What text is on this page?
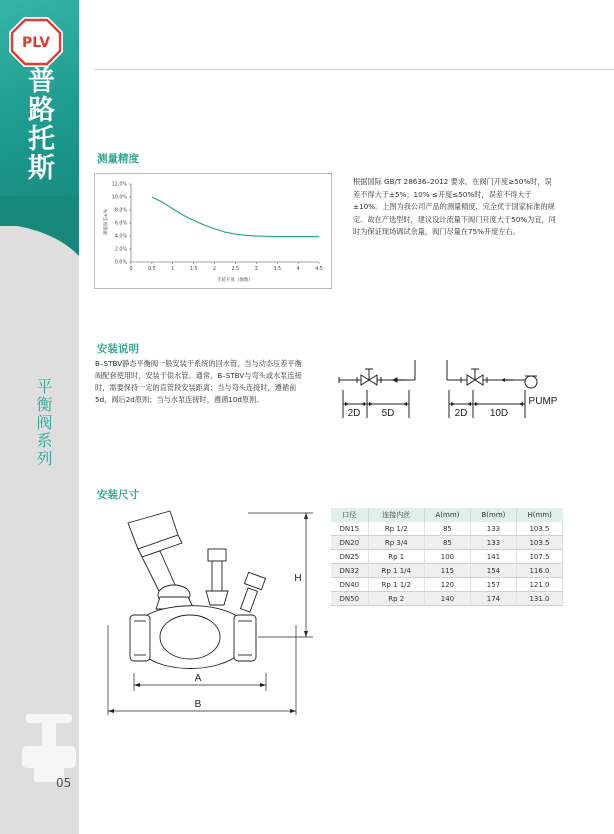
PLV
普路托斯
平衡阀系列
05
测量精度
0	0.5	1	1.5	2	2.5	3	3.5	4	4.5
0.0%
2.0%
4.0%
6.0%
8.0%
10.0%
12.0%
测量误差±%
手轮开度（圈数）
根据国际 GB/T 28636–2012 要求，在阀门开度≥50%时，误差不得大于±5%；10% ≤开度≤50%时，误差不得大于 ±10%。上图为我公司产品的测量精度，完全优于国家标准的规定。故在产选型时，建议设计流量下阀门开度大于50%为宜，同时为保证现场调试余量，阀门尽量在75%开度左右。
安装说明
B–STBV静态平衡阀一般安装于系统的回水管，当与动态压差平衡阀配套使用时，安装于供水管。通常，B–STBV与弯头或水泵连接时，需要保持一定的直管段安装距离；当与弯头连接时，遵循前5d，阀后2d原则；当与水泵连接时，遵循10d原则。
2D 5D	2D 10D
PUMP
安装尺寸
A
B
H
口径	连接内丝	A(mm)	B(mm)	H(mm)
DN15	Rp 1/2	85	133	103.5
DN20	Rp 3/4	85	133	103.5
DN25	Rp 1	100	141	107.5
DN32	Rp 1 1/4	115	154	116.0
DN40	Rp 1 1/2	120	157	121.0
DN50	Rp 2	140	174	131.0
